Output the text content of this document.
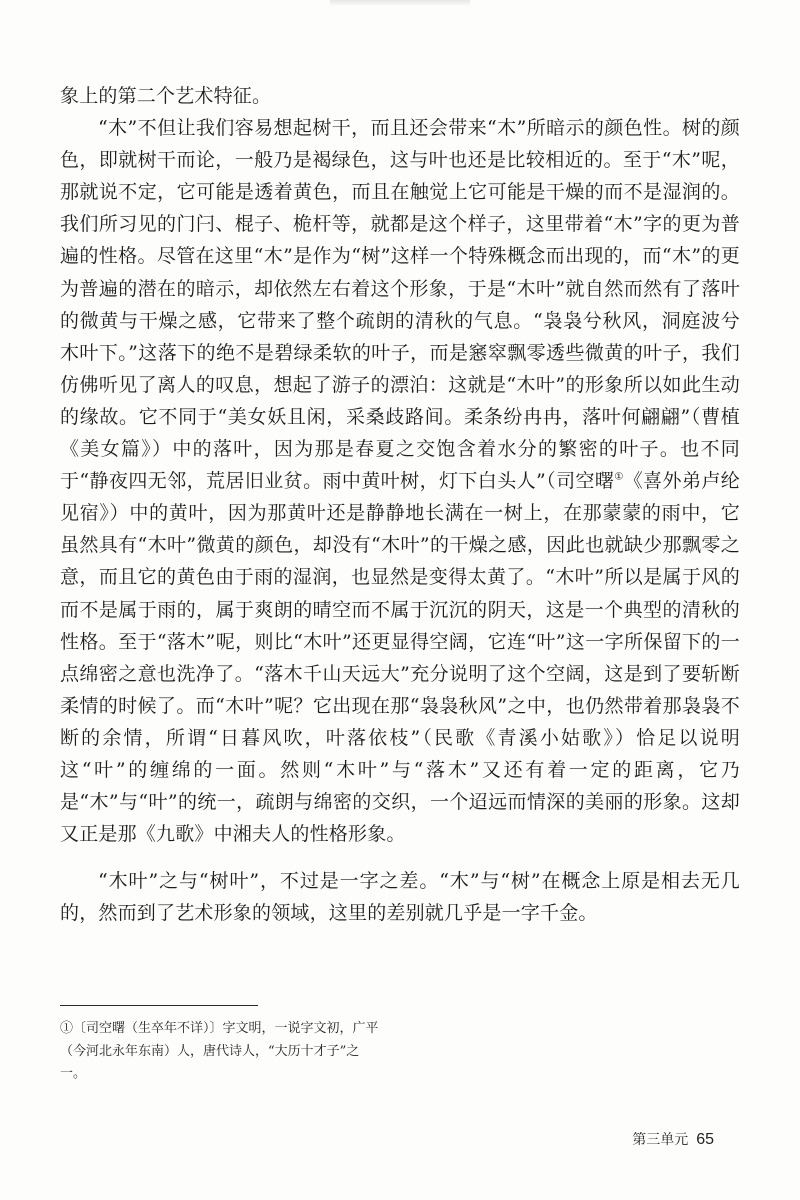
象上的第二个艺术特征。

“木”不但让我们容易想起树干，而且还会带来“木”所暗示的颜色性。树的颜色，即就树干而论，一般乃是褐绿色，这与叶也还是比较相近的。至于“木”呢，那就说不定，它可能是透着黄色，而且在触觉上它可能是干燥的而不是湿润的。我们所习见的门闩、棍子、桅杆等，就都是这个样子，这里带着“木”字的更为普遍的性格。尽管在这里“木”是作为“树”这样一个特殊概念而出现的，而“木”的更为普遍的潜在的暗示，却依然左右着这个形象，于是“木叶”就自然而然有了落叶的微黄与干燥之感，它带来了整个疏朗的清秋的气息。“袅袅兮秋风，洞庭波兮木叶下。”这落下的绝不是碧绿柔软的叶子，而是窸窣飘零透些微黄的叶子，我们仿佛听见了离人的叹息，想起了游子的漂泊：这就是“木叶”的形象所以如此生动的缘故。它不同于“美女妖且闲，采桑歧路间。柔条纷冉冉，落叶何翩翩”（曹植《美女篇》）中的落叶，因为那是春夏之交饱含着水分的繁密的叶子。也不同于“静夜四无邻，荒居旧业贫。雨中黄叶树，灯下白头人”（司空曙①《喜外弟卢纶见宿》）中的黄叶，因为那黄叶还是静静地长满在一树上，在那蒙蒙的雨中，它虽然具有“木叶”微黄的颜色，却没有“木叶”的干燥之感，因此也就缺少那飘零之意，而且它的黄色由于雨的湿润，也显然是变得太黄了。“木叶”所以是属于风的而不是属于雨的，属于爽朗的晴空而不属于沉沉的阴天，这是一个典型的清秋的性格。至于“落木”呢，则比“木叶”还更显得空阔，它连“叶”这一字所保留下的一点绵密之意也洗净了。“落木千山天远大”充分说明了这个空阔，这是到了要斩断柔情的时候了。而“木叶”呢？它出现在那“袅袅秋风”之中，也仍然带着那袅袅不断的余情，所谓“日暮风吹，叶落依枝”（民歌《青溪小姑歌》）恰足以说明这“叶”的缠绵的一面。然则“木叶”与“落木”又还有着一定的距离，它乃是“木”与“叶”的统一，疏朗与绵密的交织，一个迢远而情深的美丽的形象。这却又正是那《九歌》中湘夫人的性格形象。

“木叶”之与“树叶”，不过是一字之差。“木”与“树”在概念上原是相去无几的，然而到了艺术形象的领域，这里的差别就几乎是一字千金。

①〔司空曙（生卒年不详）〕字文明，一说字文初，广平（今河北永年东南）人，唐代诗人，“大历十才子”之一。
第三单元 65
